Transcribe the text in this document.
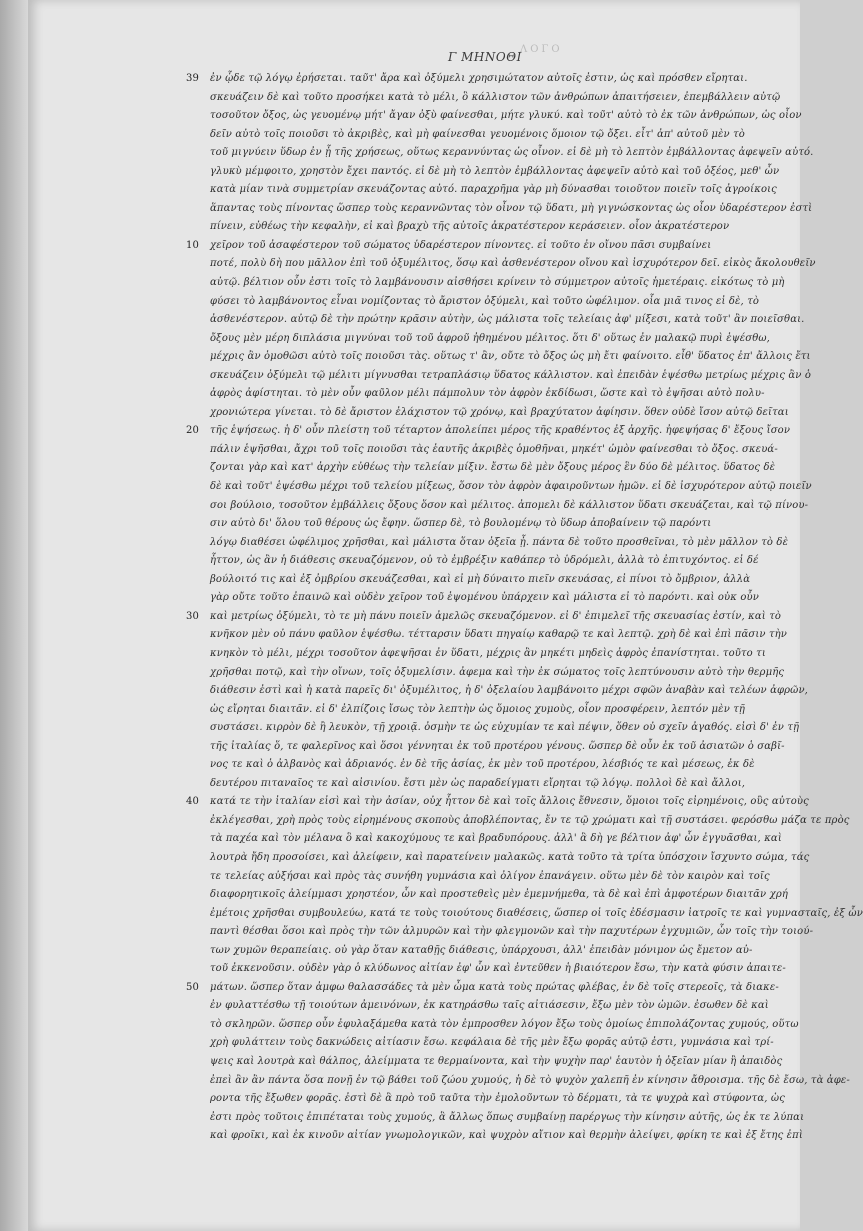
ΛΟΓΟ
Γ ΜΗΝΟΘΙ
39 ἐν ᾧδε τῷ λόγῳ ἐρήσεται. ταῦτ' ἄρα καὶ ὀξύμελι χρησιμώτατον αὐτοῖς ἐστιν, ὡς καὶ πρόσθεν εἴρηται.
σκευάζειν δὲ καὶ τοῦτο προσήκει κατὰ τὸ μέλι, ὃ κάλλιστον τῶν ἀνθρώπων ἀπαιτήσειεν, ἐπεμβάλλειν αὐτῷ
τοσοῦτον ὄξος, ὡς γευομένῳ μήτ' ἄγαν ὀξὺ φαίνεσθαι, μήτε γλυκύ. καὶ τοῦτ' αὐτὸ τὸ ἐκ τῶν ἀνθρώπων, ὡς οἷον
δεῖν αὐτὸ τοῖς ποιοῦσι τὸ ἀκριβὲς, καὶ μὴ φαίνεσθαι γευομένοις ὅμοιον τῷ ὄξει. εἶτ' ἀπ' αὐτοῦ μὲν τὸ
τοῦ μιγνύειν ὕδωρ ἐν ᾗ τῆς χρήσεως, οὕτως κεραννύντας ὡς οἶνον. εἰ δὲ μὴ τὸ λεπτὸν ἐμβάλλοντας ἀφεψεῖν αὐτό.
γλυκὺ μέμφοιτο, χρηστὸν ἔχει παντός. εἰ δὲ μὴ τὸ λεπτὸν ἐμβάλλοντας ἀφεψεῖν αὐτὸ καὶ τοῦ ὀξέος, μεθ' ὧν
κατὰ μίαν τινὰ συμμετρίαν σκευάζοντας αὐτό. παραχρῆμα γὰρ μὴ δύνασθαι τοιοῦτον ποιεῖν τοῖς ἀγροίκοις
ἅπαντας τοὺς πίνοντας ὥσπερ τοὺς κεραννῶντας τὸν οἶνον τῷ ὕδατι, μὴ γιγνώσκοντας ὡς οἷον ὑδαρέστερον ἐστὶ
πίνειν, εὐθέως τὴν κεφαλὴν, εἰ καὶ βραχὺ τῆς αὐτοῖς ἀκρατέστερον κεράσειεν. οἷον ἀκρατέστερον
10 χεῖρον τοῦ ἀσαφέστερον τοῦ σώματος ὑδαρέστερον πίνοντες. εἰ τοῦτο ἐν οἴνου πᾶσι συμβαίνει
ποτέ, πολὺ δὴ που μᾶλλον ἐπὶ τοῦ ὀξυμέλιτος, ὅσῳ καὶ ἀσθενέστερον οἴνου καὶ ἰσχυρότερον δεῖ. εἰκὸς ἄκολουθεῖν
αὐτῷ. βέλτιον οὖν ἐστι τοῖς τὸ λαμβάνουσιν αἰσθήσει κρίνειν τὸ σύμμετρον αὐτοῖς ἡμετέραις. εἰκότως τὸ μὴ
φύσει τὸ λαμβάνοντος εἶναι νομίζοντας τὸ ἄριστον ὀξύμελι, καὶ τοῦτο ὠφέλιμον. οἷα μιᾶ τινος εἰ δὲ, τὸ
ἀσθενέστερον. αὐτῷ δὲ τὴν πρώτην κρᾶσιν αὐτὴν, ὡς μάλιστα τοῖς τελείαις ἀφ' μίξεσι, κατὰ τοῦτ' ἂν ποιεῖσθαι.
ὄξους μὲν μέρη διπλάσια μιγνύναι τοῦ τοῦ ἀφροῦ ἠθημένου μέλιτος. ὅτι δ' οὕτως ἐν μαλακῷ πυρὶ ἑψέσθω,
μέχρις ἂν ὁμοθῶσι αὐτὸ τοῖς ποιοῦσι τὰς. οὕτως τ' ἂν, οὔτε τὸ ὄξος ὡς μὴ ἔτι φαίνοιτο. εἶθ' ὕδατος ἐπ' ἄλλοις ἔτι
σκευάζειν ὀξύμελι τῷ μέλιτι μίγνυσθαι τετραπλάσιῳ ὕδατος κάλλιστον. καὶ ἐπειδὰν ἑψέσθω μετρίως μέχρις ἂν ὁ
ἀφρὸς ἀφίστηται. τὸ μὲν οὖν φαῦλον μέλι πάμπολυν τὸν ἀφρὸν ἐκδίδωσι, ὥστε καὶ τὸ ἑψῆσαι αὐτὸ πολυ-
χρονιώτερα γίνεται. τὸ δὲ ἄριστον ἐλάχιστον τῷ χρόνῳ, καὶ βραχύτατον ἀφίησιν. ὅθεν οὐδὲ ἴσον αὐτῷ δεῖται
20 τῆς ἑψήσεως. ἡ δ' οὖν πλείστη τοῦ τέταρτον ἀπολείπει μέρος τῆς κραθέντος ἐξ ἀρχῆς. ἠφεψήσας δ' ἔξους ἴσον
πάλιν ἑψῆσθαι, ἄχρι τοῦ τοῖς ποιοῦσι τὰς ἑαυτῆς ἀκριβὲς ὁμοθῆναι, μηκέτ' ὠμὸν φαίνεσθαι τὸ ὄξος. σκευά-
ζονται γὰρ καὶ κατ' ἀρχὴν εὐθέως τὴν τελείαν μίξιν. ἔστω δὲ μὲν ὄξους μέρος ἓν δύο δὲ μέλιτος. ὕδατος δὲ
δὲ καὶ τοῦτ' ἑψέσθω μέχρι τοῦ τελείου μίξεως, ὅσον τὸν ἀφρὸν ἀφαιροῦντων ἡμῶν. εἰ δὲ ἰσχυρότερον αὐτῷ ποιεῖν
σοι βούλοιο, τοσοῦτον ἐμβάλλεις ὄξους ὅσον καὶ μέλιτος. ἀπομελι δὲ κάλλιστον ὕδατι σκευάζεται, καὶ τῷ πίνου-
σιν αὐτὸ δι' ὅλου τοῦ θέρους ὡς ἔφην. ὥσπερ δὲ, τὸ βουλομένῳ τὸ ὕδωρ ἀποβαίνειν τῷ παρόντι
λόγῳ διαθέσει ὠφέλιμος χρῆσθαι, καὶ μάλιστα ὅταν ὀξεῖα ᾖ. πάντα δὲ τοῦτο προσθεῖναι, τὸ μὲν μᾶλλον τὸ δὲ
ἧττον, ὡς ἂν ἡ διάθεσις σκευαζόμενον, οὐ τὸ ἐμβρέξιν καθάπερ τὸ ὑδρόμελι, ἀλλὰ τὸ ἐπιτυχόντος. εἰ δέ
βούλοιτό τις καὶ ἐξ ὀμβρίου σκευάζεσθαι, καὶ εἰ μὴ δύναιτο πιεῖν σκευάσας, εἰ πίνοι τὸ ὄμβριον, ἀλλὰ
γὰρ οὔτε τοῦτο ἐπαινῶ καὶ οὐδὲν χεῖρον τοῦ ἑψομένου ὑπάρχειν καὶ μάλιστα εἰ τὸ παρόντι. καὶ οὐκ οὖν
30 καὶ μετρίως ὀξύμελι, τὸ τε μὴ πάνυ ποιεῖν ἀμελῶς σκευαζόμενον. εἰ δ' ἐπιμελεῖ τῆς σκευασίας ἐστίν, καὶ τὸ
κνῆκον μὲν οὐ πάνυ φαῦλον ἑψέσθω. τέτταρσιν ὕδατι πηγαίῳ καθαρῷ τε καὶ λεπτῷ. χρὴ δὲ καὶ ἐπὶ πᾶσιν τὴν
κνηκὸν τὸ μέλι, μέχρι τοσοῦτον ἀφεψῆσαι ἐν ὕδατι, μέχρις ἂν μηκέτι μηδεὶς ἀφρὸς ἐπανίστηται. τοῦτο τι
χρῆσθαι ποτῷ, καὶ τὴν οἴνων, τοῖς ὀξυμελίσιν. ἀφεμα καὶ τὴν ἐκ σώματος τοῖς λεπτύνουσιν αὐτὸ τὴν θερμῆς
διάθεσιν ἐστὶ καὶ ἡ κατὰ παρεῖς δι' ὀξυμέλιτος, ἡ δ' ὀξελαίου λαμβάνοιτο μέχρι σφῶν ἀναβὰν καὶ τελέων ἀφρῶν,
ὡς εἴρηται διαιτᾶν. εἰ δ' ἐλπίζοις ἴσως τὸν λεπτὴν ὡς ὅμοιος χυμοὺς, οἷον προσφέρειν, λεπτόν μὲν τῇ
συστάσει. κιρρὸν δὲ ἢ λευκὸν, τῇ χροιᾷ. ὀσμὴν τε ὡς εὐχυμίαν τε καὶ πέψιν, ὅθεν οὐ σχεῖν ἀγαθός. εἰσὶ δ' ἐν τῇ
τῆς ἰταλίας ὅ, τε φαλερῖνος καὶ ὅσοι γέννηται ἐκ τοῦ προτέρου γένους. ὥσπερ δὲ οὖν ἐκ τοῦ ἀσιατῶν ὁ σαβῖ-
νος τε καὶ ὁ ἀλβανὸς καὶ ἀδριανός. ἐν δὲ τῆς ἀσίας, ἐκ μὲν τοῦ προτέρου, λέσβιός τε καὶ μέσεως, ἐκ δὲ
δευτέρου πιταναῖος τε καὶ αἰσινίου. ἔστι μὲν ὡς παραδείγματι εἴρηται τῷ λόγῳ. πολλοὶ δὲ καὶ ἄλλοι,
40 κατά τε τὴν ἰταλίαν εἰσὶ καὶ τὴν ἀσίαν, οὐχ ἧττον δὲ καὶ τοῖς ἄλλοις ἔθνεσιν, ὅμοιοι τοῖς εἰρημένοις, οὓς αὐτοὺς
ἐκλέγεσθαι, χρὴ πρὸς τοὺς εἰρημένους σκοποὺς ἀποβλέποντας, ἔν τε τῷ χρώματι καὶ τῇ συστάσει. φερόσθω μάζα τε πρὸς
τὰ παχέα καὶ τὸν μέλανα ὃ καὶ κακοχύμους τε καὶ βραδυπόρους. ἀλλ' ἃ δὴ γε βέλτιον ἀφ' ὧν ἐγγυᾶσθαι, καὶ
λουτρὰ ἤδη προσοίσει, καὶ ἀλείφειν, καὶ παρατείνειν μαλακῶς. κατὰ τοῦτο τὰ τρίτα ὑπόσχοιν ἴσχυντο σώμα, τάς
τε τελείας αὐξήσαι καὶ πρὸς τὰς συνήθη γυμνάσια καὶ ὀλίγον ἐπανάγειν. οὕτω μὲν δὲ τὸν καιρὸν καὶ τοῖς
διαφορητικοῖς ἀλείμμασι χρηστέον, ὧν καὶ προστεθεὶς μὲν ἐμεμνήμεθα, τὰ δὲ καὶ ἐπὶ ἀμφοτέρων διαιτᾶν χρή
ἐμέτοις χρῆσθαι συμβουλεύω, κατά τε τοὺς τοιούτους διαθέσεις, ὥσπερ οἱ τοῖς ἐδέσμασιν ἰατροῖς τε καὶ γυμνασταῖς, ἐξ ὧν
παντὶ θέσθαι ὅσοι καὶ πρὸς τὴν τῶν ἁλμυρῶν καὶ τὴν φλεγμονῶν καὶ τὴν παχυτέρων ἐγχυμιῶν, ὧν τοῖς τὴν τοιού-
των χυμῶν θεραπείαις. οὐ γὰρ ὅταν καταθῇς διάθεσις, ὑπάρχουσι, ἀλλ' ἐπειδὰν μόνιμον ὡς ἔμετον αὐ-
τοῦ ἐκκενοῦσιν. οὐδὲν γὰρ ὁ κλύδωνος αἰτίαν ἐφ' ὧν καὶ ἐντεῦθεν ἡ βιαιότερον ἔσω, τὴν κατὰ φύσιν ἀπαιτε-
50 μάτων. ὥσπερ ὅταν ἀμφω θαλασσάδες τὰ μὲν ὦμα κατὰ τοὺς πρώτας φλέβας, ἐν δὲ τοῖς στερεοῖς, τὰ διακε-
ἐν φυλαττέσθω τῇ τοιούτων ἀμεινόνων, ἐκ κατηράσθω ταῖς αἰτιάσεσιν, ἔξω μὲν τὸν ὠμῶν. ἐσωθεν δὲ καὶ
τὸ σκληρῶν. ὥσπερ οὖν ἐφυλαξάμεθα κατὰ τὸν ἐμπροσθεν λόγον ἔξω τοὺς ὁμοίως ἐπιπολάζοντας χυμούς, οὕτω
χρὴ φυλάττειν τοὺς δακνώδεις αἰτίασιν ἔσω. κεφάλαια δὲ τῆς μὲν ἔξω φορᾶς αὐτῷ ἐστι, γυμνάσια καὶ τρί-
ψεις καὶ λουτρὰ καὶ θάλπος, ἀλείμματα τε θερμαίνοντα, καὶ τὴν ψυχὴν παρ' ἑαυτὸν ἡ ὀξεῖαν μίαν ἢ ἀπαιδὸς
ἐπεὶ ἂν ἂν πάντα ὅσα πονῇ ἐν τῷ βάθει τοῦ ζώου χυμούς, ἡ δὲ τὸ ψυχὸν χαλεπῆ ἐν κίνησιν ἄθροισμα. τῆς δὲ ἔσω, τὰ ἀφε-
ροντα τῆς ἔξωθεν φορᾶς. ἐστὶ δὲ ἃ πρὸ τοῦ ταῦτα τὴν ἐμολοῦντων τὸ δέρματι, τὰ τε ψυχρὰ καὶ στύφοντα, ὡς
ἐστι πρὸς τοῦτοις ἐπιπέταται τοὺς χυμούς, ἃ ἄλλως ὅπως συμβαίνῃ παρέργως τὴν κίνησιν αὐτῆς, ὡς ἐκ τε λύπαι
καὶ φροῖκι, καὶ ἐκ κινοῦν αἰτίαν γνωμολογικῶν, καὶ ψυχρὸν αἴτιον καὶ θερμὴν ἀλείψει, φρίκη τε καὶ ἐξ ἔτης ἐπὶ
